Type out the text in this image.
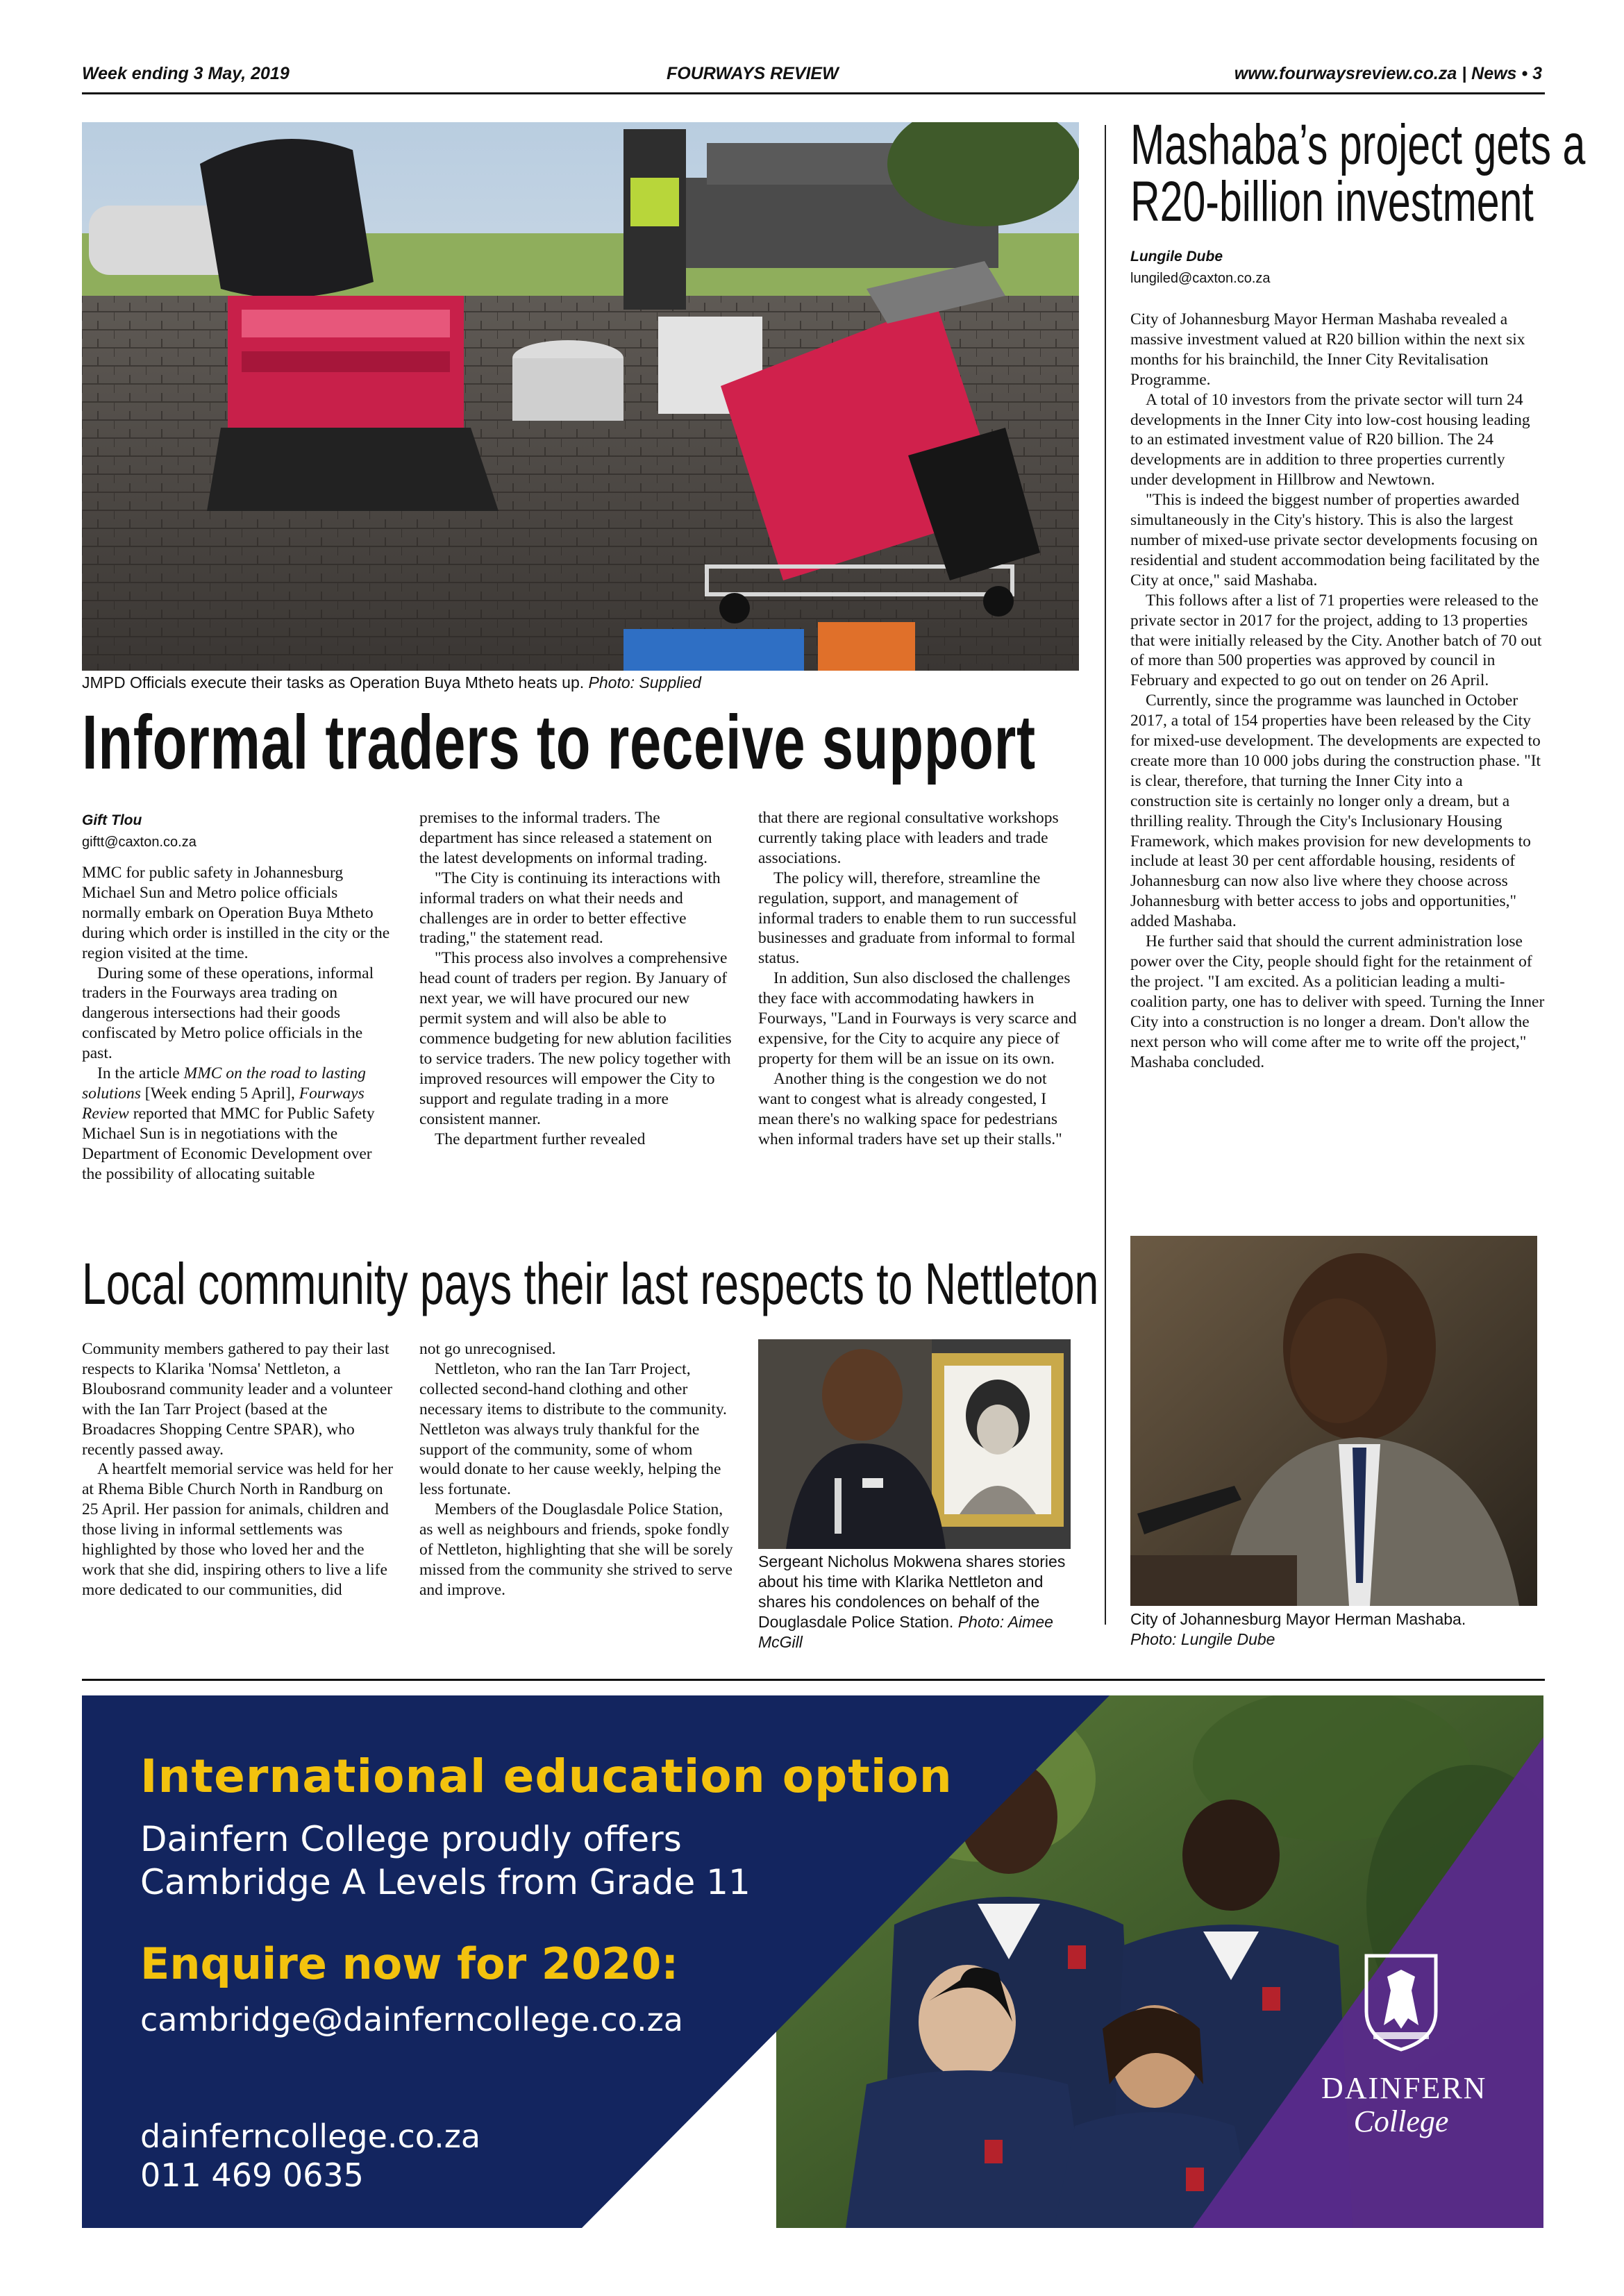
Week ending 3 May, 2019	FOURWAYS REVIEW	www.fourwaysreview.co.za | News • 3
JMPD Officials execute their tasks as Operation Buya Mtheto heats up. Photo: Supplied
Informal traders to receive support
Gift Tlou
giftt@caxton.co.za

MMC for public safety in Johannesburg Michael Sun and Metro police officials normally embark on Operation Buya Mtheto during which order is instilled in the city or the region visited at the time.

During some of these operations, informal traders in the Fourways area trading on dangerous intersections had their goods confiscated by Metro police officials in the past.

In the article MMC on the road to lasting solutions [Week ending 5 April], Fourways Review reported that MMC for Public Safety Michael Sun is in negotiations with the Department of Economic Development over the possibility of allocating suitable

premises to the informal traders. The department has since released a statement on the latest developments on informal trading.

"The City is continuing its interactions with informal traders on what their needs and challenges are in order to better effective trading," the statement read.

"This process also involves a comprehensive head count of traders per region. By January of next year, we will have procured our new permit system and will also be able to commence budgeting for new ablution facilities to service traders. The new policy together with improved resources will empower the City to support and regulate trading in a more consistent manner.

The department further revealed

that there are regional consultative workshops currently taking place with leaders and trade associations.

The policy will, therefore, streamline the regulation, support, and management of informal traders to enable them to run successful businesses and graduate from informal to formal status.

In addition, Sun also disclosed the challenges they face with accommodating hawkers in Fourways, "Land in Fourways is very scarce and expensive, for the City to acquire any piece of property for them will be an issue on its own.

Another thing is the congestion we do not want to congest what is already congested, I mean there's no walking space for pedestrians when informal traders have set up their stalls."

Local community pays their last respects to Nettleton

Community members gathered to pay their last respects to Klarika 'Nomsa' Nettleton, a Bloubosrand community leader and a volunteer with the Ian Tarr Project (based at the Broadacres Shopping Centre SPAR), who recently passed away.

A heartfelt memorial service was held for her at Rhema Bible Church North in Randburg on 25 April. Her passion for animals, children and those living in informal settlements was highlighted by those who loved her and the work that she did, inspiring others to live a life more dedicated to our communities, did

not go unrecognised.

Nettleton, who ran the Ian Tarr Project, collected second-hand clothing and other necessary items to distribute to the community. Nettleton was always truly thankful for the support of the community, some of whom would donate to her cause weekly, helping the less fortunate.

Members of the Douglasdale Police Station, as well as neighbours and friends, spoke fondly of Nettleton, highlighting that she will be sorely missed from the community she strived to serve and improve.

Sergeant Nicholus Mokwena shares stories about his time with Klarika Nettleton and shares his condolences on behalf of the Douglasdale Police Station. Photo: Aimee McGill
Mashaba’s project gets a
R20-billion investment
Lungile Dube
lungiled@caxton.co.za

City of Johannesburg Mayor Herman Mashaba revealed a massive investment valued at R20 billion within the next six months for his brainchild, the Inner City Revitalisation Programme.

A total of 10 investors from the private sector will turn 24 developments in the Inner City into low-cost housing leading to an estimated investment value of R20 billion. The 24 developments are in addition to three properties currently under development in Hillbrow and Newtown.

"This is indeed the biggest number of properties awarded simultaneously in the City's history. This is also the largest number of mixed-use private sector developments focusing on residential and student accommodation being facilitated by the City at once," said Mashaba.

This follows after a list of 71 properties were released to the private sector in 2017 for the project, adding to 13 properties that were initially released by the City. Another batch of 70 out of more than 500 properties was approved by council in February and expected to go out on tender on 26 April.

Currently, since the programme was launched in October 2017, a total of 154 properties have been released by the City for mixed-use development. The developments are expected to create more than 10 000 jobs during the construction phase. "It is clear, therefore, that turning the Inner City into a construction site is certainly no longer only a dream, but a thrilling reality. Through the City's Inclusionary Housing Framework, which makes provision for new developments to include at least 30 per cent affordable housing, residents of Johannesburg can now also live where they choose across Johannesburg with better access to jobs and opportunities," added Mashaba.

He further said that should the current administration lose power over the City, people should fight for the retainment of the project. "I am excited. As a politician leading a multi-coalition party, one has to deliver with speed. Turning the Inner City into a construction is no longer a dream. Don't allow the next person who will come after me to write off the project," Mashaba concluded.

City of Johannesburg Mayor Herman Mashaba.
Photo: Lungile Dube
International education option
Dainfern College proudly offers
Cambridge A Levels from Grade 11
Enquire now for 2020:
cambridge@dainferncollege.co.za
dainferncollege.co.za
011 469 0635
DAINFERN
College
